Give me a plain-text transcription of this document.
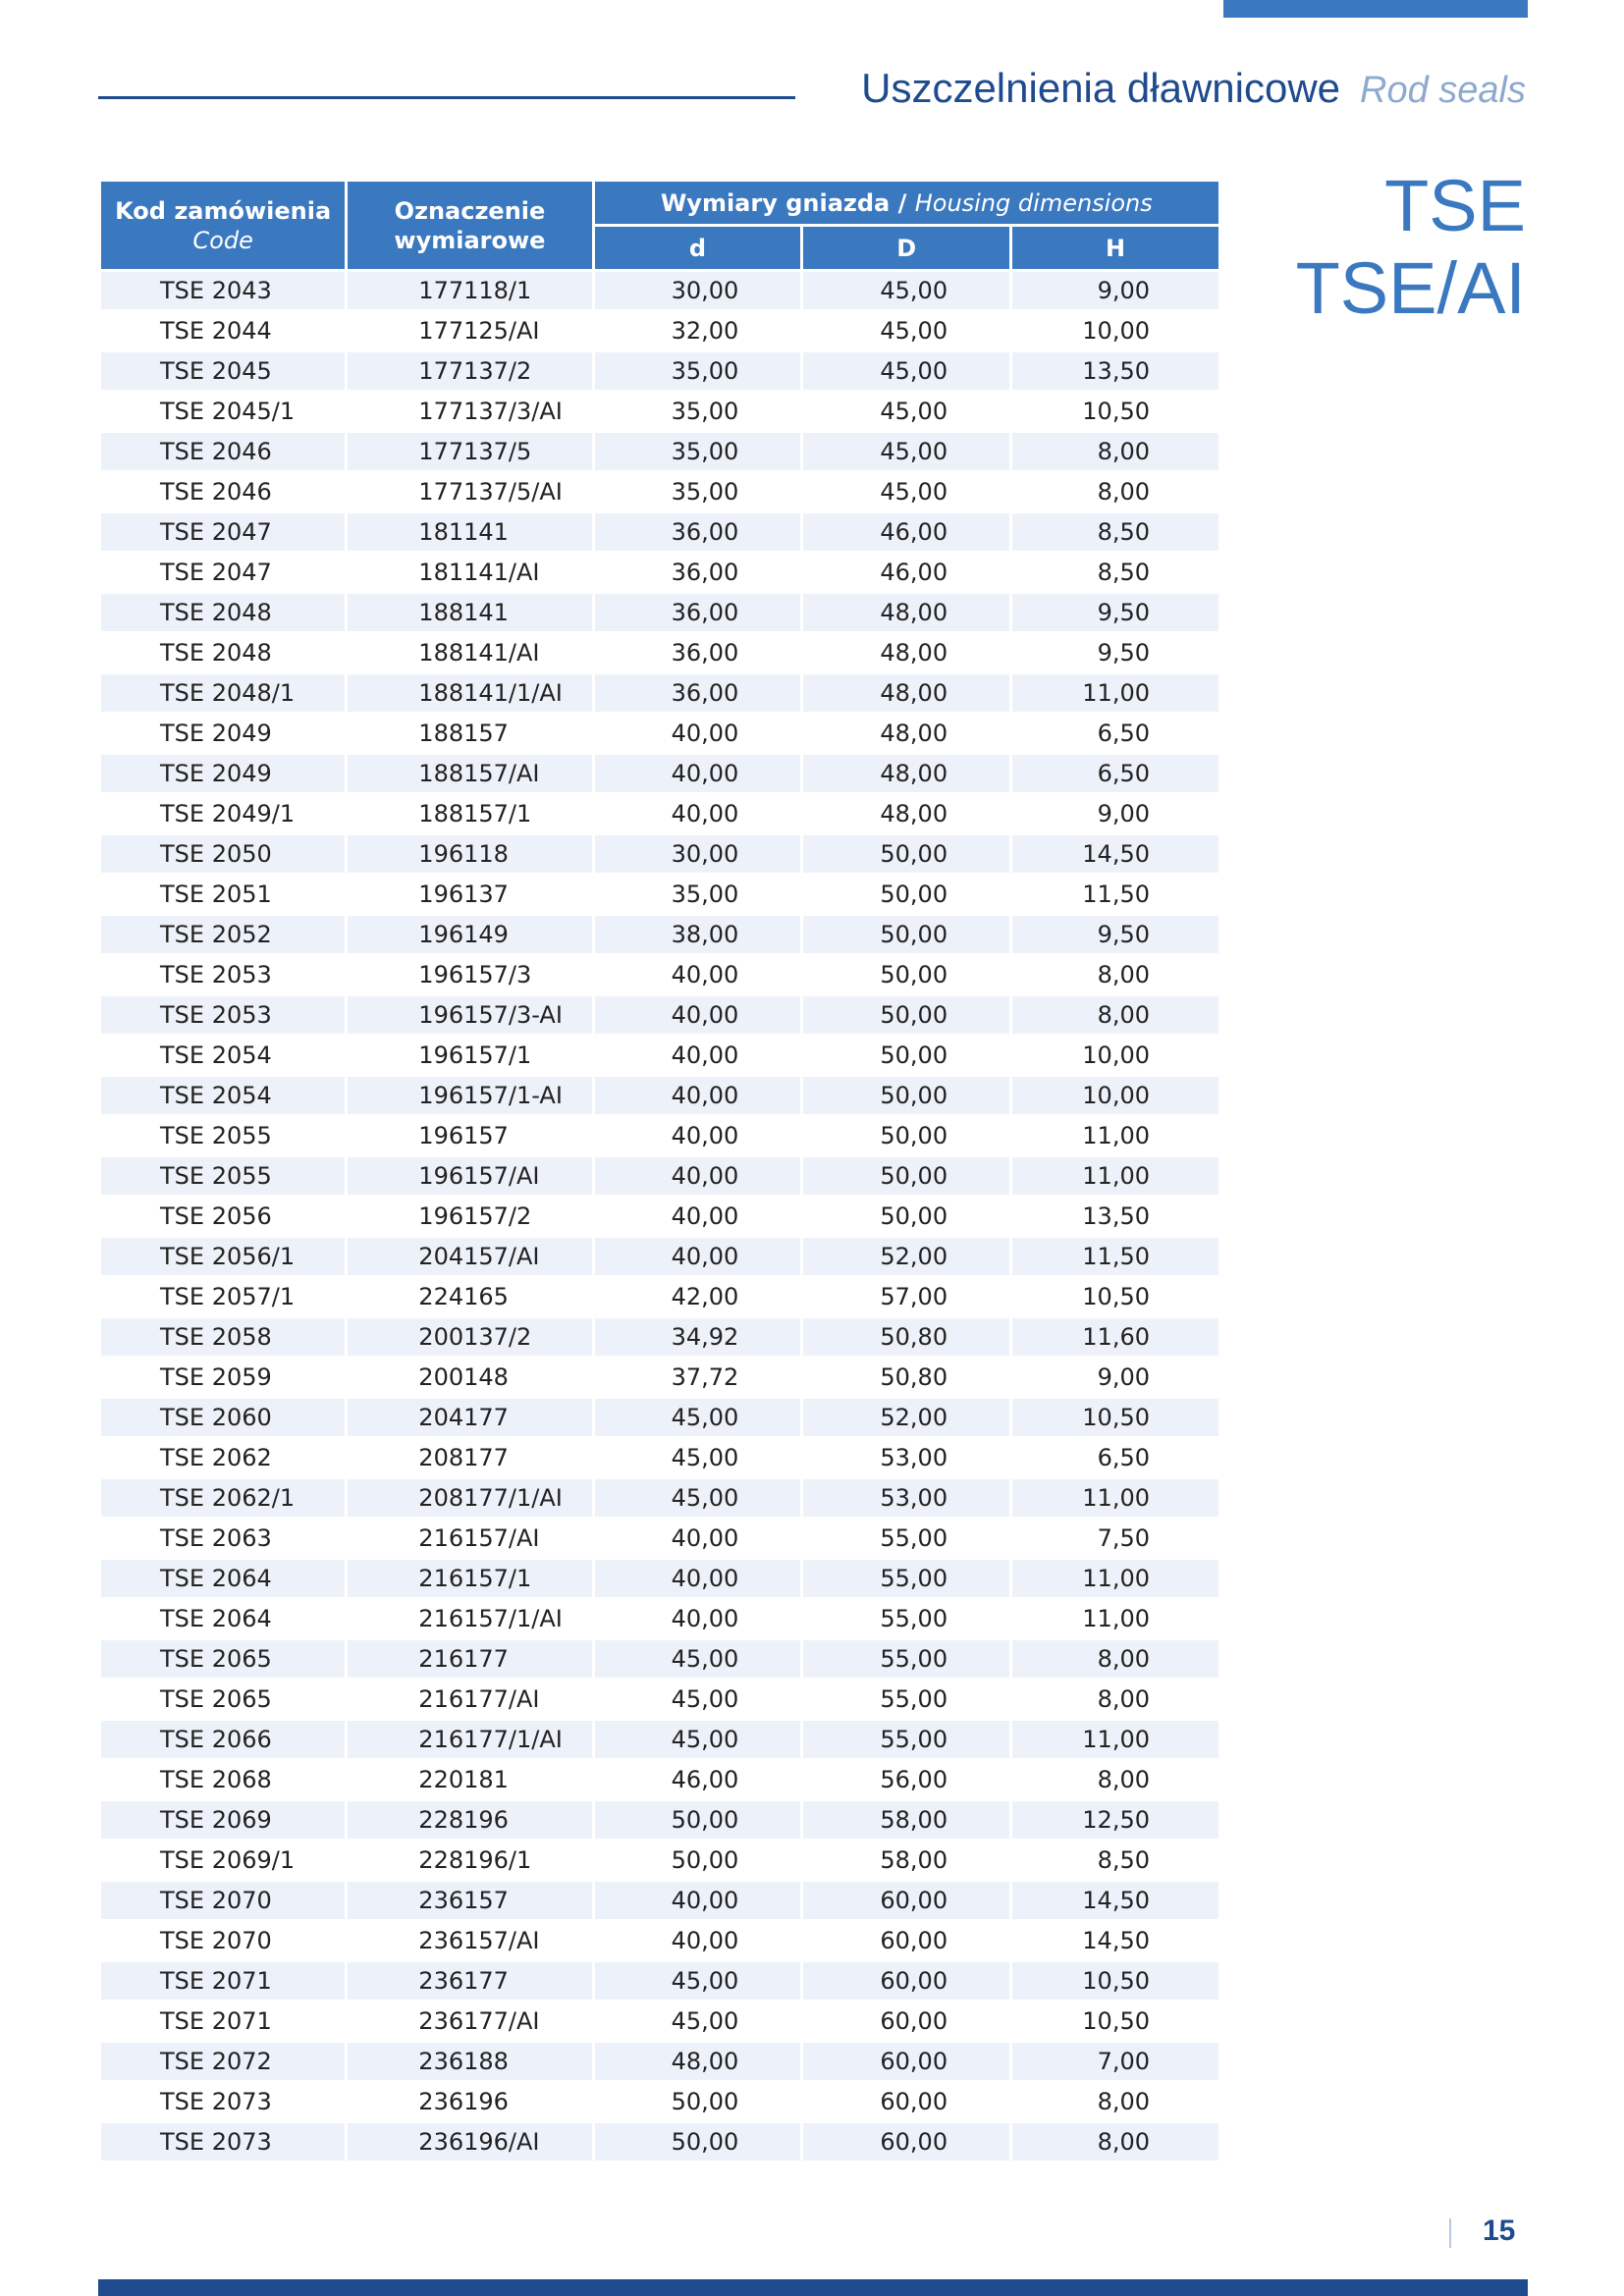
Uszczelnienia dławnicowe Rod seals
TSE
TSE/AI
Kod zamówienia
Code	Oznaczenie wymiarowe	Wymiary gniazda / Housing dimensions		
		d	D	H
TSE 2043	177118/1	30,00	45,00	9,00
TSE 2044	177125/AI	32,00	45,00	10,00
TSE 2045	177137/2	35,00	45,00	13,50
TSE 2045/1	177137/3/AI	35,00	45,00	10,50
TSE 2046	177137/5	35,00	45,00	8,00
TSE 2046	177137/5/AI	35,00	45,00	8,00
TSE 2047	181141	36,00	46,00	8,50
TSE 2047	181141/AI	36,00	46,00	8,50
TSE 2048	188141	36,00	48,00	9,50
TSE 2048	188141/AI	36,00	48,00	9,50
TSE 2048/1	188141/1/AI	36,00	48,00	11,00
TSE 2049	188157	40,00	48,00	6,50
TSE 2049	188157/AI	40,00	48,00	6,50
TSE 2049/1	188157/1	40,00	48,00	9,00
TSE 2050	196118	30,00	50,00	14,50
TSE 2051	196137	35,00	50,00	11,50
TSE 2052	196149	38,00	50,00	9,50
TSE 2053	196157/3	40,00	50,00	8,00
TSE 2053	196157/3-AI	40,00	50,00	8,00
TSE 2054	196157/1	40,00	50,00	10,00
TSE 2054	196157/1-AI	40,00	50,00	10,00
TSE 2055	196157	40,00	50,00	11,00
TSE 2055	196157/AI	40,00	50,00	11,00
TSE 2056	196157/2	40,00	50,00	13,50
TSE 2056/1	204157/AI	40,00	52,00	11,50
TSE 2057/1	224165	42,00	57,00	10,50
TSE 2058	200137/2	34,92	50,80	11,60
TSE 2059	200148	37,72	50,80	9,00
TSE 2060	204177	45,00	52,00	10,50
TSE 2062	208177	45,00	53,00	6,50
TSE 2062/1	208177/1/AI	45,00	53,00	11,00
TSE 2063	216157/AI	40,00	55,00	7,50
TSE 2064	216157/1	40,00	55,00	11,00
TSE 2064	216157/1/AI	40,00	55,00	11,00
TSE 2065	216177	45,00	55,00	8,00
TSE 2065	216177/AI	45,00	55,00	8,00
TSE 2066	216177/1/AI	45,00	55,00	11,00
TSE 2068	220181	46,00	56,00	8,00
TSE 2069	228196	50,00	58,00	12,50
TSE 2069/1	228196/1	50,00	58,00	8,50
TSE 2070	236157	40,00	60,00	14,50
TSE 2070	236157/AI	40,00	60,00	14,50
TSE 2071	236177	45,00	60,00	10,50
TSE 2071	236177/AI	45,00	60,00	10,50
TSE 2072	236188	48,00	60,00	7,00
TSE 2073	236196	50,00	60,00	8,00
TSE 2073	236196/AI	50,00	60,00	8,00
15
